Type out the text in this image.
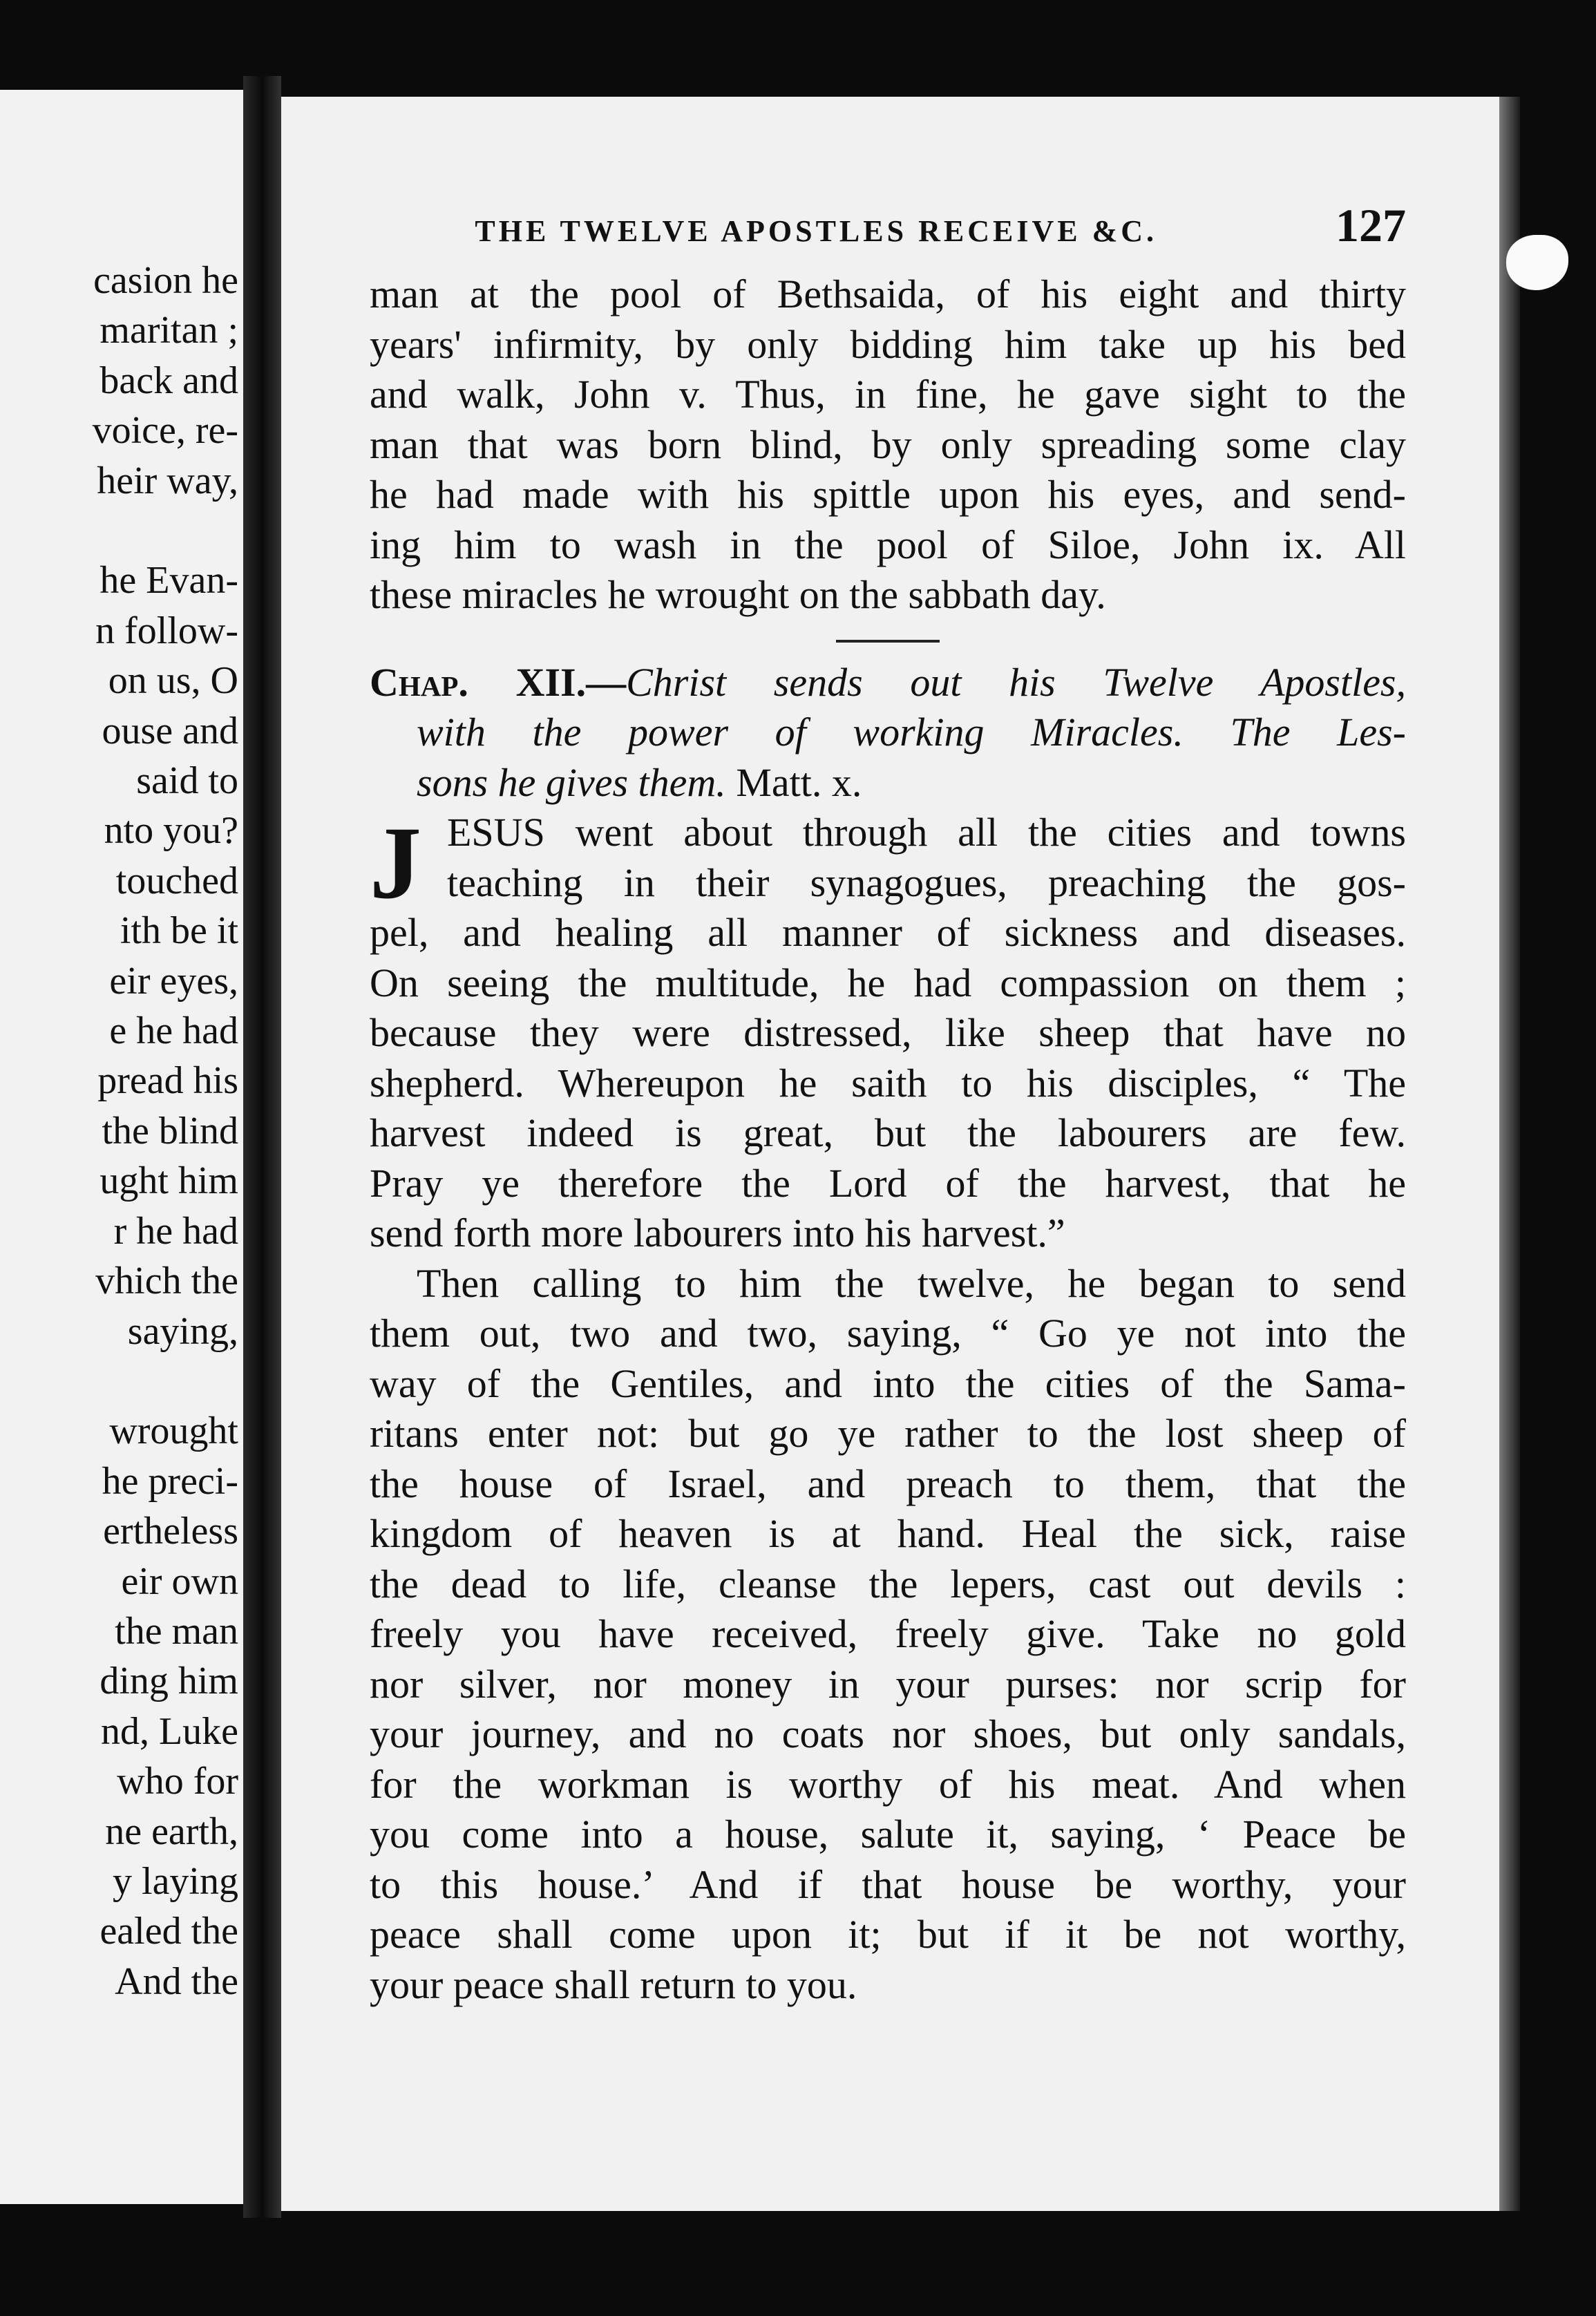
casion he
maritan ;
back and
voice, re-
heir way,
he Evan-
n follow-
on us, O
ouse and
said to
nto you?
touched
ith be it
eir eyes,
e he had
pread his
the blind
ught him
r he had
vhich the
saying,
wrought
he preci-
ertheless
eir own
the man
ding him
nd, Luke
who for
ne earth,
y laying
ealed the
And the
THE TWELVE APOSTLES RECEIVE &C.	127
man at the pool of Bethsaida, of his eight and thirty
years' infirmity, by only bidding him take up his bed
and walk, John v. Thus, in fine, he gave sight to the
man that was born blind, by only spreading some clay
he had made with his spittle upon his eyes, and send-
ing him to wash in the pool of Siloe, John ix. All
these miracles he wrought on the sabbath day.
Chap. XII.—Christ sends out his Twelve Apostles,
with the power of working Miracles. The Les-
sons he gives them. Matt. x.
J ESUS went about through all the cities and towns
teaching in their synagogues, preaching the gos-
pel, and healing all manner of sickness and diseases.
On seeing the multitude, he had compassion on them ;
because they were distressed, like sheep that have no
shepherd. Whereupon he saith to his disciples, “ The
harvest indeed is great, but the labourers are few.
Pray ye therefore the Lord of the harvest, that he
send forth more labourers into his harvest.”
Then calling to him the twelve, he began to send
them out, two and two, saying, “ Go ye not into the
way of the Gentiles, and into the cities of the Sama-
ritans enter not: but go ye rather to the lost sheep of
the house of Israel, and preach to them, that the
kingdom of heaven is at hand. Heal the sick, raise
the dead to life, cleanse the lepers, cast out devils :
freely you have received, freely give. Take no gold
nor silver, nor money in your purses: nor scrip for
your journey, and no coats nor shoes, but only sandals,
for the workman is worthy of his meat. And when
you come into a house, salute it, saying, ‘ Peace be
to this house.’ And if that house be worthy, your
peace shall come upon it; but if it be not worthy,
your peace shall return to you.
